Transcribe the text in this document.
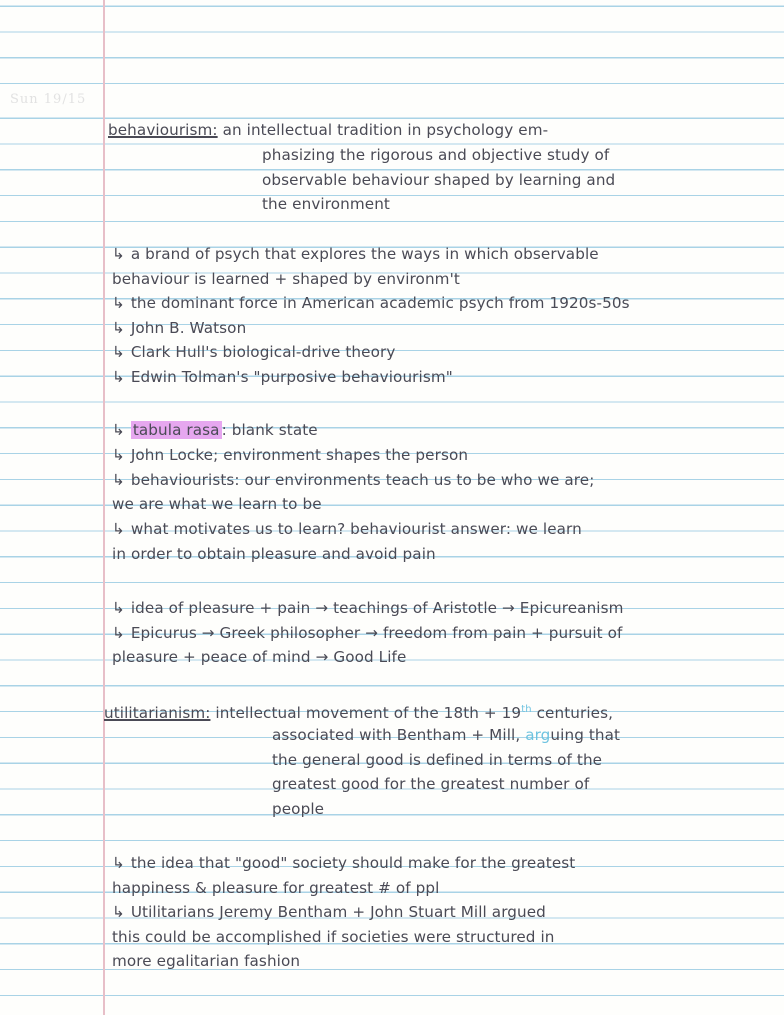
Sun 19/15
behaviourism: an intellectual tradition in psychology em-
phasizing the rigorous and objective study of
observable behaviour shaped by learning and
the environment
↳ a brand of psych that explores the ways in which observable
behaviour is learned + shaped by environm't
↳ the dominant force in American academic psych from 1920s-50s
↳ John B. Watson
↳ Clark Hull's biological-drive theory
↳ Edwin Tolman's "purposive behaviourism"
↳ tabula rasa : blank state
↳ John Locke; environment shapes the person
↳ behaviourists: our environments teach us to be who we are;
we are what we learn to be
↳ what motivates us to learn? behaviourist answer: we learn
in order to obtain pleasure and avoid pain
↳ idea of pleasure + pain → teachings of Aristotle → Epicureanism
↳ Epicurus → Greek philosopher → freedom from pain + pursuit of
pleasure + peace of mind → Good Life
utilitarianism: intellectual movement of the 18th + 19th centuries,
associated with Bentham + Mill, arguing that
the general good is defined in terms of the
greatest good for the greatest number of
people
↳ the idea that "good" society should make for the greatest
happiness & pleasure for greatest # of ppl
↳ Utilitarians Jeremy Bentham + John Stuart Mill argued
this could be accomplished if societies were structured in
more egalitarian fashion
